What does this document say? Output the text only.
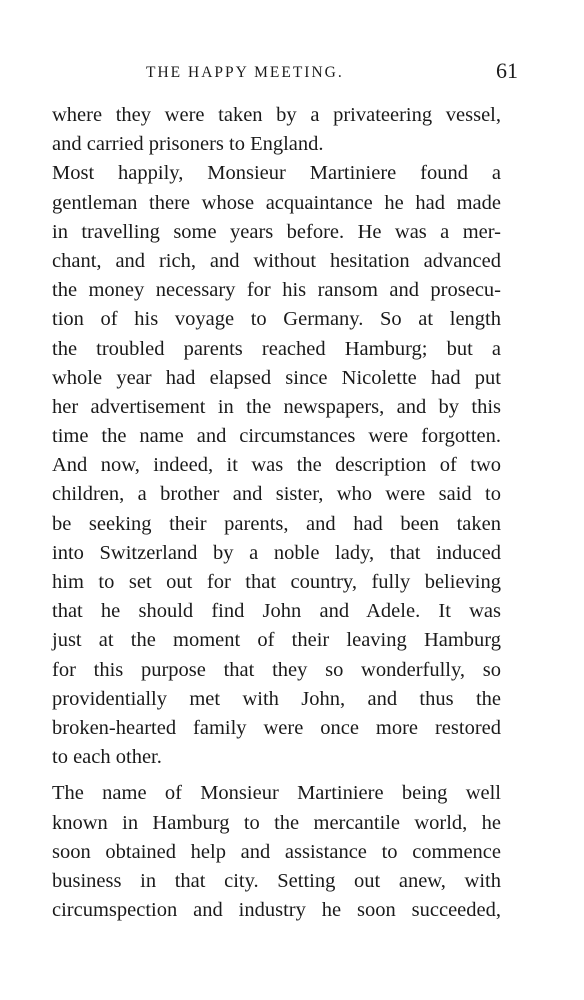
THE HAPPY MEETING.	61
where they were taken by a privateering vessel,
and carried prisoners to England.
Most happily, Monsieur Martiniere found a
gentleman there whose acquaintance he had made
in travelling some years before. He was a mer-
chant, and rich, and without hesitation advanced
the money necessary for his ransom and prosecu-
tion of his voyage to Germany. So at length
the troubled parents reached Hamburg; but a
whole year had elapsed since Nicolette had put
her advertisement in the newspapers, and by this
time the name and circumstances were forgotten.
And now, indeed, it was the description of two
children, a brother and sister, who were said to
be seeking their parents, and had been taken
into Switzerland by a noble lady, that induced
him to set out for that country, fully believing
that he should find John and Adele. It was
just at the moment of their leaving Hamburg
for this purpose that they so wonderfully, so
providentially met with John, and thus the
broken-hearted family were once more restored
to each other.
The name of Monsieur Martiniere being well
known in Hamburg to the mercantile world, he
soon obtained help and assistance to commence
business in that city. Setting out anew, with
circumspection and industry he soon succeeded,
